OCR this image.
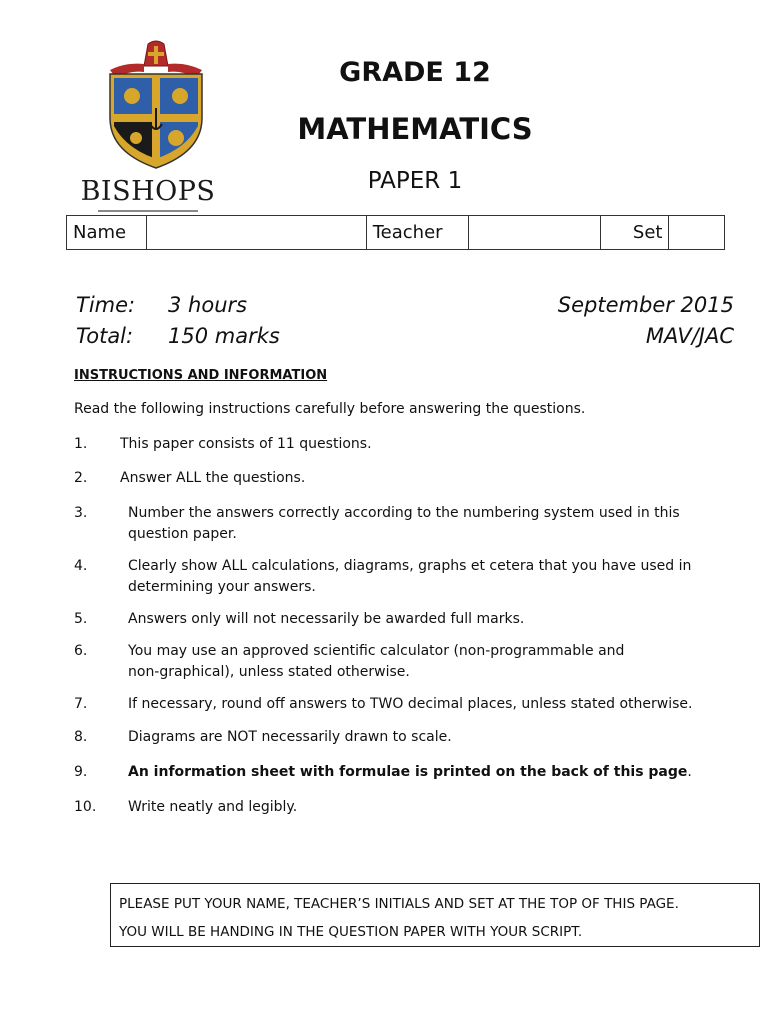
BISHOPS
GRADE 12
MATHEMATICS
PAPER 1
Name		Teacher		Set	
Time: 3 hours	September 2015
Total: 150 marks	MAV/JAC
INSTRUCTIONS AND INFORMATION
Read the following instructions carefully before answering the questions.
1. This paper consists of 11 questions.
2. Answer ALL the questions.
3.	Number the answers correctly according to the numbering system used in this question paper.
4.	Clearly show ALL calculations, diagrams, graphs et cetera that you have used in determining your answers.
5.	Answers only will not necessarily be awarded full marks.
6.	You may use an approved scientific calculator (non-programmable and non-graphical), unless stated otherwise.
7.	If necessary, round off answers to TWO decimal places, unless stated otherwise.
8.	Diagrams are NOT necessarily drawn to scale.
9.	An information sheet with formulae is printed on the back of this page.
10. Write neatly and legibly.
PLEASE PUT YOUR NAME, TEACHER’S INITIALS AND SET AT THE TOP OF THIS PAGE.
YOU WILL BE HANDING IN THE QUESTION PAPER WITH YOUR SCRIPT.
